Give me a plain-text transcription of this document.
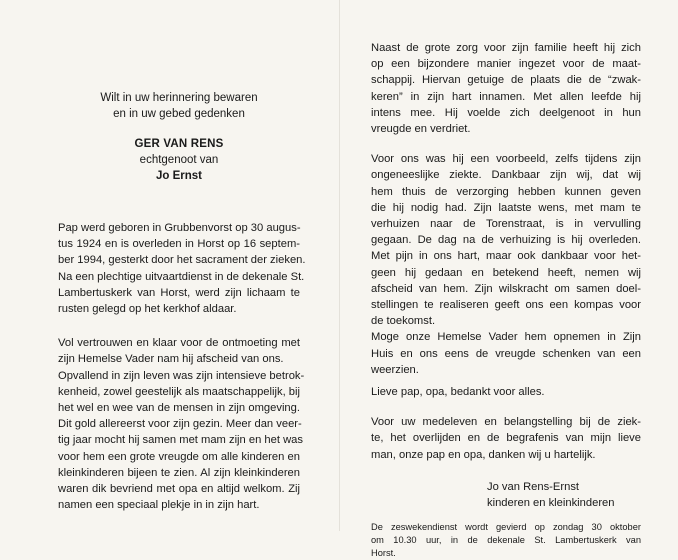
Wilt in uw herinnering bewaren
en in uw gebed gedenken
GER VAN RENS
echtgenoot van
Jo Ernst
Pap werd geboren in Grubbenvorst op 30 augus-
tus 1924 en is overleden in Horst op 16 septem-
ber 1994, gesterkt door het sacrament der zieken.
Na een plechtige uitvaartdienst in de dekenale St.
Lambertuskerk van Horst, werd zijn lichaam te
rusten gelegd op het kerkhof aldaar.
Vol vertrouwen en klaar voor de ontmoeting met
zijn Hemelse Vader nam hij afscheid van ons.
Opvallend in zijn leven was zijn intensieve betrok-
kenheid, zowel geestelijk als maatschappelijk, bij
het wel en wee van de mensen in zijn omgeving.
Dit gold allereerst voor zijn gezin. Meer dan veer-
tig jaar mocht hij samen met mam zijn en het was
voor hem een grote vreugde om alle kinderen en
kleinkinderen bijeen te zien. Al zijn kleinkinderen
waren dik bevriend met opa en altijd welkom. Zij
namen een speciaal plekje in in zijn hart.
Naast de grote zorg voor zijn familie heeft hij zich
op een bijzondere manier ingezet voor de maat-
schappij. Hiervan getuige de plaats die de “zwak-
keren” in zijn hart innamen. Met allen leefde hij
intens mee. Hij voelde zich deelgenoot in hun
vreugde en verdriet.
Voor ons was hij een voorbeeld, zelfs tijdens zijn
ongeneeslijke ziekte. Dankbaar zijn wij, dat wij
hem thuis de verzorging hebben kunnen geven
die hij nodig had. Zijn laatste wens, met mam te
verhuizen naar de Torenstraat, is in vervulling
gegaan. De dag na de verhuizing is hij overleden.
Met pijn in ons hart, maar ook dankbaar voor het-
geen hij gedaan en betekend heeft, nemen wij
afscheid van hem. Zijn wilskracht om samen doel-
stellingen te realiseren geeft ons een kompas voor
de toekomst.
Moge onze Hemelse Vader hem opnemen in Zijn
Huis en ons eens de vreugde schenken van een
weerzien.
Lieve pap, opa, bedankt voor alles.
Voor uw medeleven en belangstelling bij de ziek-
te, het overlijden en de begrafenis van mijn lieve
man, onze pap en opa, danken wij u hartelijk.
Jo van Rens-Ernst
kinderen en kleinkinderen
De zeswekendienst wordt gevierd op zondag 30 oktober
om 10.30 uur, in de dekenale St. Lambertuskerk van
Horst.
